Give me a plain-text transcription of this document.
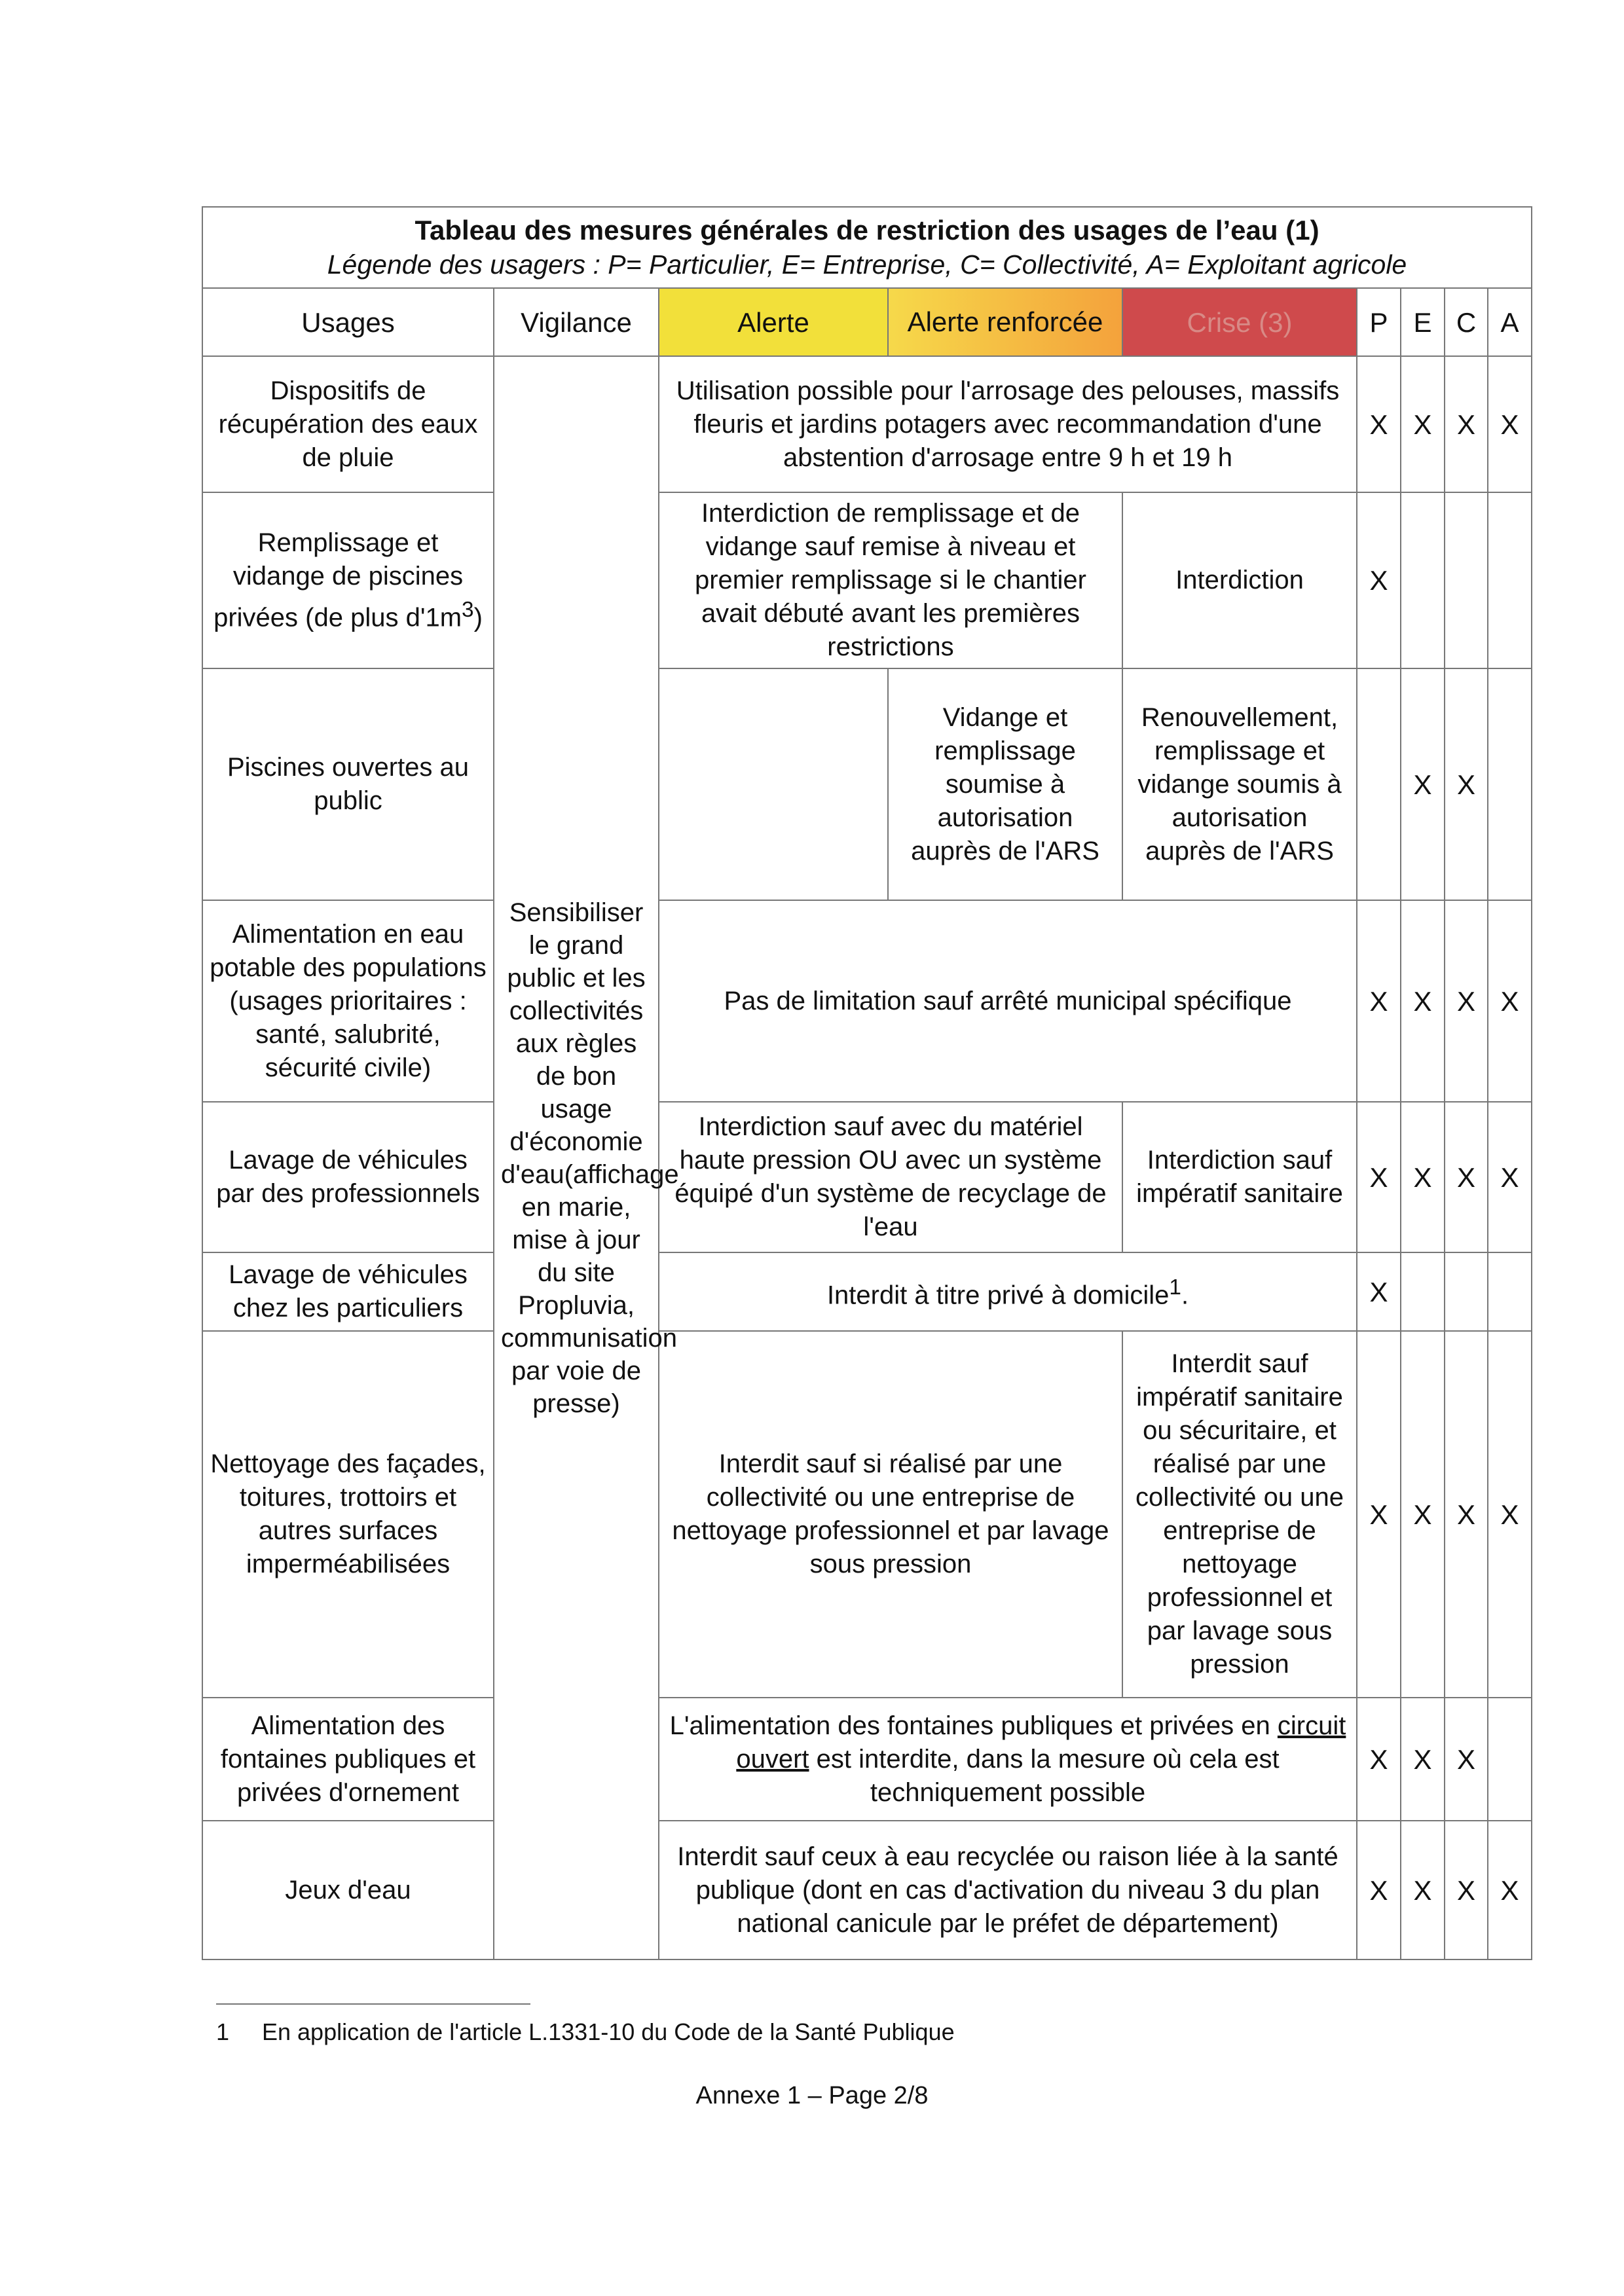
Tableau des mesures générales de restriction des usages de l’eau (1)
Légende des usagers : P= Particulier, E= Entreprise, C= Collectivité, A= Exploitant agricole								

Usages	Vigilance	Alerte	Alerte renforcée	Crise (3)	P	E	C	A
Dispositifs de récupération des eaux de pluie	Sensibiliser le grand public et les collectivités aux règles de bon usage d'économie d'eau(affichage en marie, mise à jour du site Propluvia, communisation par voie de presse)	Utilisation possible pour l'arrosage des pelouses, massifs fleuris et jardins potagers avec recommandation d'une abstention d'arrosage entre 9 h et 19 h			X	X	X	X
Remplissage et vidange de piscines privées (de plus $d'1m^3$)		Interdiction de remplissage et de vidange sauf remise à niveau et premier remplissage si le chantier avait débuté avant les premières restrictions		Interdiction	X			
Piscines ouvertes au public			Vidange et remplissage soumise à autorisation auprès de l'ARS	Renouvellement, remplissage et vidange soumis à autorisation auprès de l'ARS		X	X	
Alimentation en eau potable des populations (usages prioritaires : santé, salubrité, sécurité civile)		Pas de limitation sauf arrêté municipal spécifique			X	X	X	X
Lavage de véhicules par des professionnels		Interdiction sauf avec du matériel haute pression OU avec un système équipé d'un système de recyclage de l'eau		Interdiction sauf impératif sanitaire	X	X	X	X
Lavage de véhicules chez les particuliers		Interdit à titre privé à domicile$^1$.			X			
Nettoyage des façades, toitures, trottoirs et autres surfaces imperméabilisées		Interdit sauf si réalisé par une collectivité ou une entreprise de nettoyage professionnel et par lavage sous pression		Interdit sauf impératif sanitaire ou sécuritaire, et réalisé par une collectivité ou une entreprise de nettoyage professionnel et par lavage sous pression	X	X	X	X
Alimentation des fontaines publiques et privées d'ornement		L'alimentation des fontaines publiques et privées en circuit ouvert est interdite, dans la mesure où cela est techniquement possible			X	X	X	
Jeux d'eau		Interdit sauf ceux à eau recyclée ou raison liée à la santé publique (dont en cas d'activation du niveau 3 du plan national canicule par le préfet de département)			X	X	X	X
1 En application de l'article L.1331-10 du Code de la Santé Publique
Annexe 1 – Page 2/8
